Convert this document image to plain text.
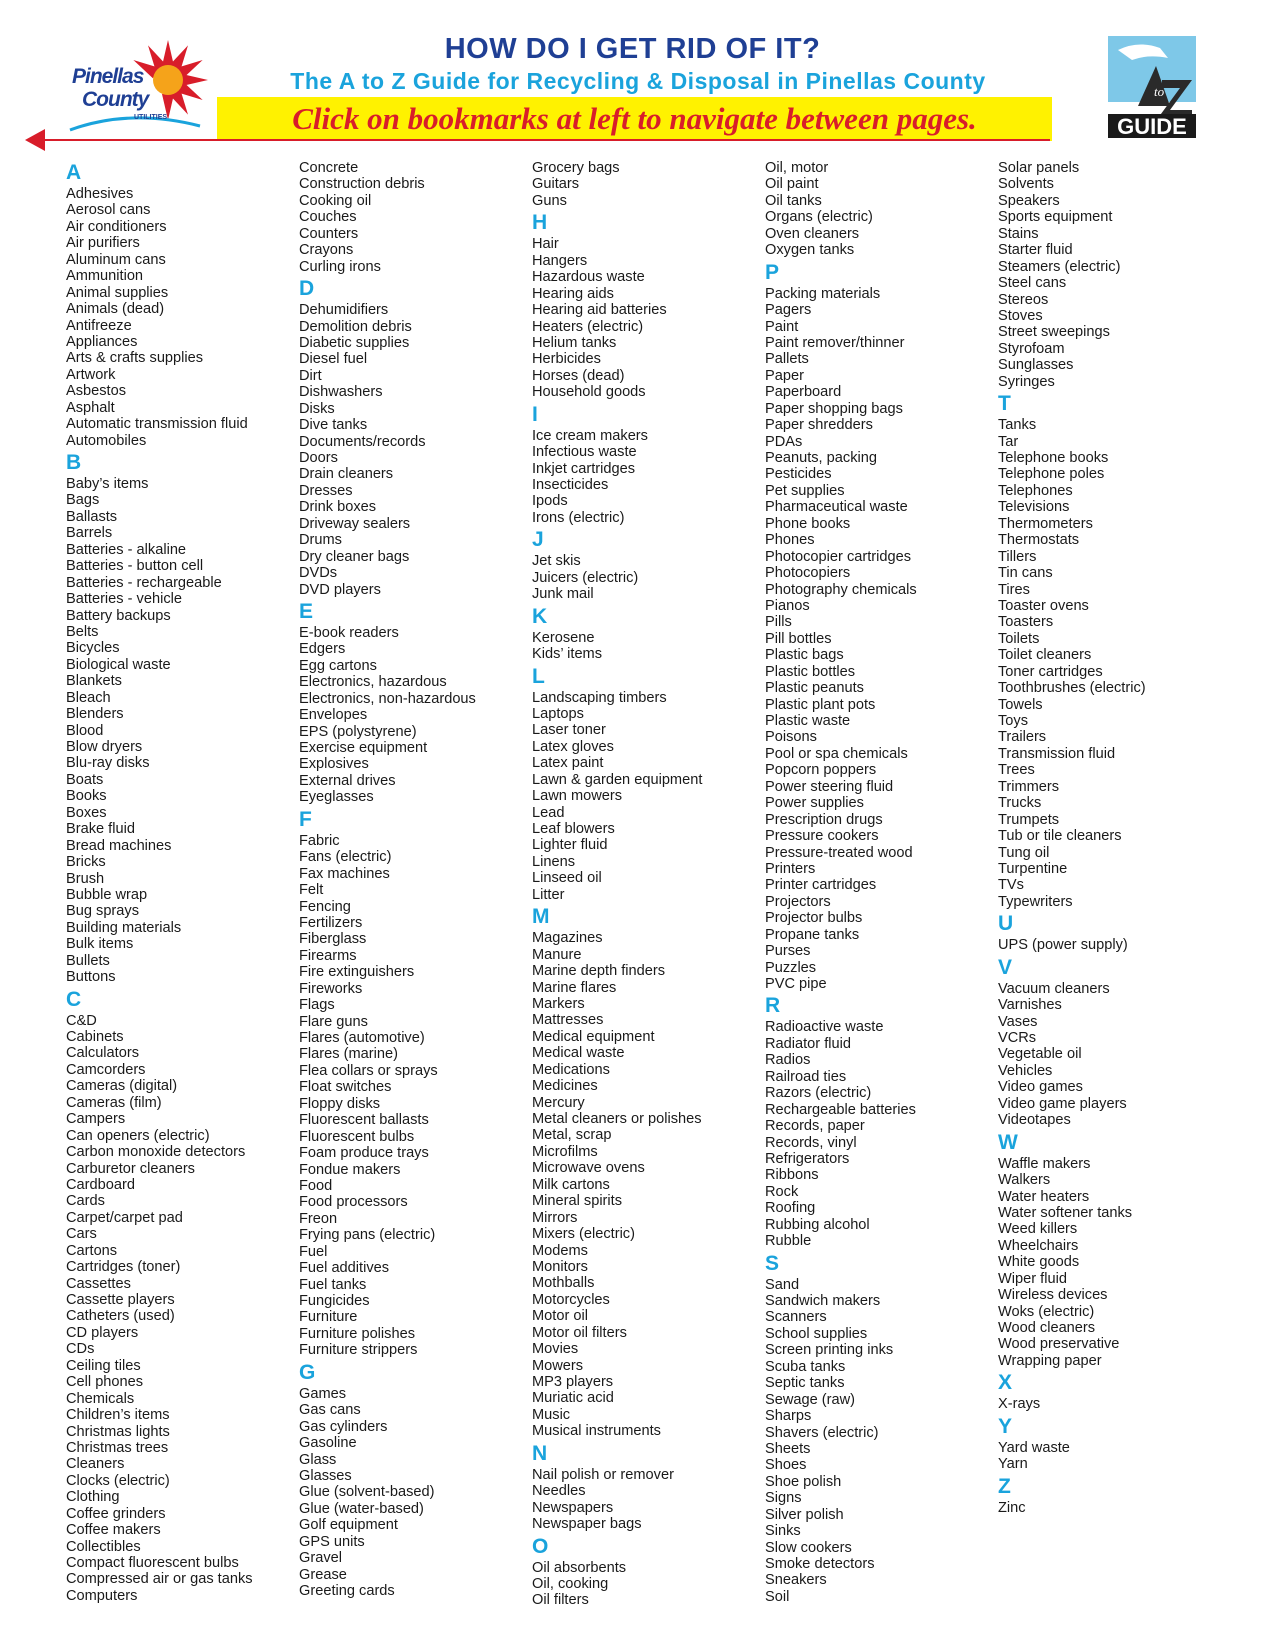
Pinellas
County
UTILITIES
HOW DO I GET RID OF IT?
The A to Z Guide for Recycling & Disposal in Pinellas County
Click on bookmarks at left to navigate between pages.
to
GUIDE
A
Adhesives
Aerosol cans
Air conditioners
Air purifiers
Aluminum cans
Ammunition
Animal supplies
Animals (dead)
Antifreeze
Appliances
Arts & crafts supplies
Artwork
Asbestos
Asphalt
Automatic transmission fluid
Automobiles
B
Baby’s items
Bags
Ballasts
Barrels
Batteries - alkaline
Batteries - button cell
Batteries - rechargeable
Batteries - vehicle
Battery backups
Belts
Bicycles
Biological waste
Blankets
Bleach
Blenders
Blood
Blow dryers
Blu-ray disks
Boats
Books
Boxes
Brake fluid
Bread machines
Bricks
Brush
Bubble wrap
Bug sprays
Building materials
Bulk items
Bullets
Buttons
C
C&D
Cabinets
Calculators
Camcorders
Cameras (digital)
Cameras (film)
Campers
Can openers (electric)
Carbon monoxide detectors
Carburetor cleaners
Cardboard
Cards
Carpet/carpet pad
Cars
Cartons
Cartridges (toner)
Cassettes
Cassette players
Catheters (used)
CD players
CDs
Ceiling tiles
Cell phones
Chemicals
Children’s items
Christmas lights
Christmas trees
Cleaners
Clocks (electric)
Clothing
Coffee grinders
Coffee makers
Collectibles
Compact fluorescent bulbs
Compressed air or gas tanks
Computers
Concrete
Construction debris
Cooking oil
Couches
Counters
Crayons
Curling irons
D
Dehumidifiers
Demolition debris
Diabetic supplies
Diesel fuel
Dirt
Dishwashers
Disks
Dive tanks
Documents/records
Doors
Drain cleaners
Dresses
Drink boxes
Driveway sealers
Drums
Dry cleaner bags
DVDs
DVD players
E
E-book readers
Edgers
Egg cartons
Electronics, hazardous
Electronics, non-hazardous
Envelopes
EPS (polystyrene)
Exercise equipment
Explosives
External drives
Eyeglasses
F
Fabric
Fans (electric)
Fax machines
Felt
Fencing
Fertilizers
Fiberglass
Firearms
Fire extinguishers
Fireworks
Flags
Flare guns
Flares (automotive)
Flares (marine)
Flea collars or sprays
Float switches
Floppy disks
Fluorescent ballasts
Fluorescent bulbs
Foam produce trays
Fondue makers
Food
Food processors
Freon
Frying pans (electric)
Fuel
Fuel additives
Fuel tanks
Fungicides
Furniture
Furniture polishes
Furniture strippers
G
Games
Gas cans
Gas cylinders
Gasoline
Glass
Glasses
Glue (solvent-based)
Glue (water-based)
Golf equipment
GPS units
Gravel
Grease
Greeting cards
Grocery bags
Guitars
Guns
H
Hair
Hangers
Hazardous waste
Hearing aids
Hearing aid batteries
Heaters (electric)
Helium tanks
Herbicides
Horses (dead)
Household goods
I
Ice cream makers
Infectious waste
Inkjet cartridges
Insecticides
Ipods
Irons (electric)
J
Jet skis
Juicers (electric)
Junk mail
K
Kerosene
Kids’ items
L
Landscaping timbers
Laptops
Laser toner
Latex gloves
Latex paint
Lawn & garden equipment
Lawn mowers
Lead
Leaf blowers
Lighter fluid
Linens
Linseed oil
Litter
M
Magazines
Manure
Marine depth finders
Marine flares
Markers
Mattresses
Medical equipment
Medical waste
Medications
Medicines
Mercury
Metal cleaners or polishes
Metal, scrap
Microfilms
Microwave ovens
Milk cartons
Mineral spirits
Mirrors
Mixers (electric)
Modems
Monitors
Mothballs
Motorcycles
Motor oil
Motor oil filters
Movies
Mowers
MP3 players
Muriatic acid
Music
Musical instruments
N
Nail polish or remover
Needles
Newspapers
Newspaper bags
O
Oil absorbents
Oil, cooking
Oil filters
Oil, motor
Oil paint
Oil tanks
Organs (electric)
Oven cleaners
Oxygen tanks
P
Packing materials
Pagers
Paint
Paint remover/thinner
Pallets
Paper
Paperboard
Paper shopping bags
Paper shredders
PDAs
Peanuts, packing
Pesticides
Pet supplies
Pharmaceutical waste
Phone books
Phones
Photocopier cartridges
Photocopiers
Photography chemicals
Pianos
Pills
Pill bottles
Plastic bags
Plastic bottles
Plastic peanuts
Plastic plant pots
Plastic waste
Poisons
Pool or spa chemicals
Popcorn poppers
Power steering fluid
Power supplies
Prescription drugs
Pressure cookers
Pressure-treated wood
Printers
Printer cartridges
Projectors
Projector bulbs
Propane tanks
Purses
Puzzles
PVC pipe
R
Radioactive waste
Radiator fluid
Radios
Railroad ties
Razors (electric)
Rechargeable batteries
Records, paper
Records, vinyl
Refrigerators
Ribbons
Rock
Roofing
Rubbing alcohol
Rubble
S
Sand
Sandwich makers
Scanners
School supplies
Screen printing inks
Scuba tanks
Septic tanks
Sewage (raw)
Sharps
Shavers (electric)
Sheets
Shoes
Shoe polish
Signs
Silver polish
Sinks
Slow cookers
Smoke detectors
Sneakers
Soil
Solar panels
Solvents
Speakers
Sports equipment
Stains
Starter fluid
Steamers (electric)
Steel cans
Stereos
Stoves
Street sweepings
Styrofoam
Sunglasses
Syringes
T
Tanks
Tar
Telephone books
Telephone poles
Telephones
Televisions
Thermometers
Thermostats
Tillers
Tin cans
Tires
Toaster ovens
Toasters
Toilets
Toilet cleaners
Toner cartridges
Toothbrushes (electric)
Towels
Toys
Trailers
Transmission fluid
Trees
Trimmers
Trucks
Trumpets
Tub or tile cleaners
Tung oil
Turpentine
TVs
Typewriters
U
UPS (power supply)
V
Vacuum cleaners
Varnishes
Vases
VCRs
Vegetable oil
Vehicles
Video games
Video game players
Videotapes
W
Waffle makers
Walkers
Water heaters
Water softener tanks
Weed killers
Wheelchairs
White goods
Wiper fluid
Wireless devices
Woks (electric)
Wood cleaners
Wood preservative
Wrapping paper
X
X-rays
Y
Yard waste
Yarn
Z
Zinc
